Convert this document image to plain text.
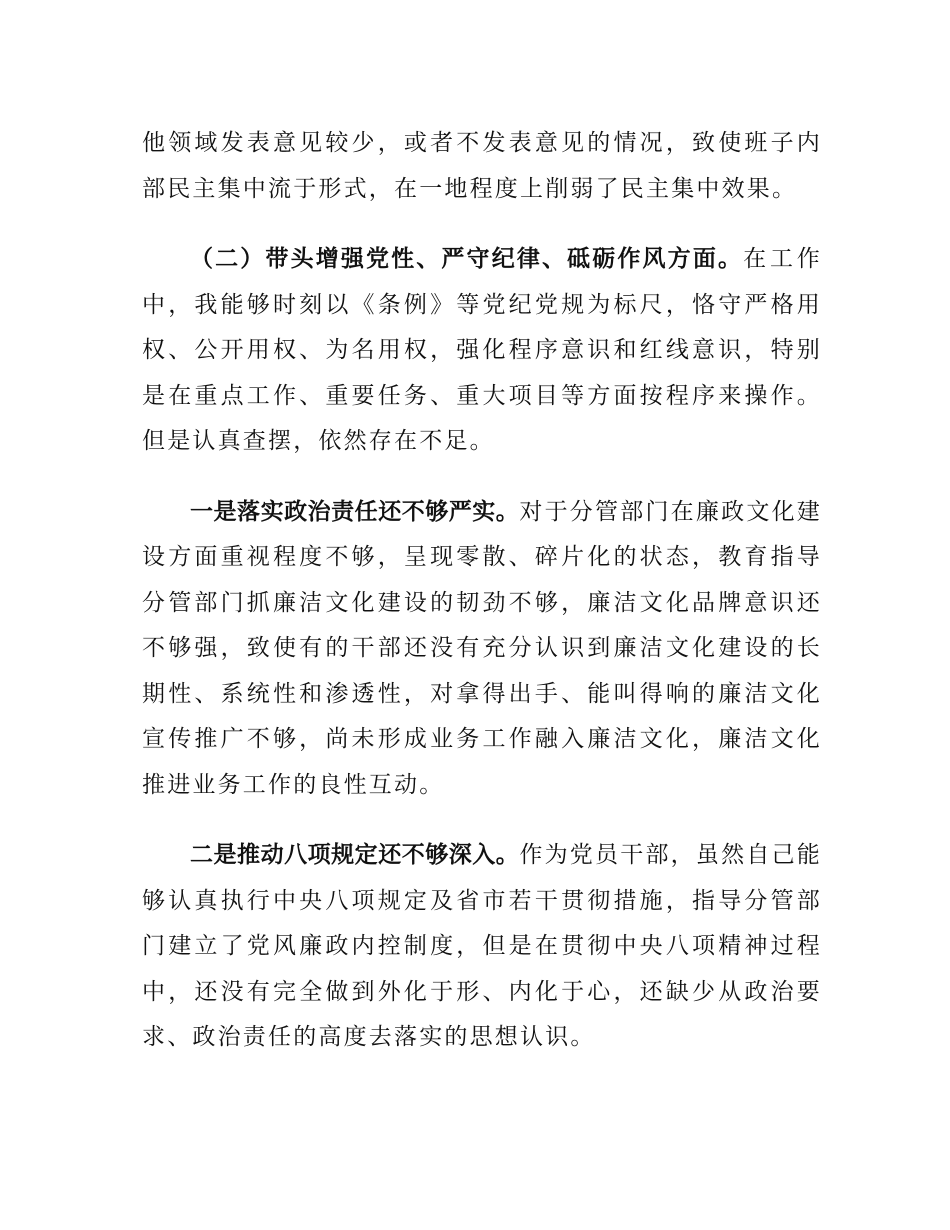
他领域发表意见较少，或者不发表意见的情况，致使班子内部民主集中流于形式，在一地程度上削弱了民主集中效果。

（二）带头增强党性、严守纪律、砥砺作风方面。在工作中，我能够时刻以《条例》等党纪党规为标尺，恪守严格用权、公开用权、为名用权，强化程序意识和红线意识，特别是在重点工作、重要任务、重大项目等方面按程序来操作。但是认真查摆，依然存在不足。

一是落实政治责任还不够严实。对于分管部门在廉政文化建设方面重视程度不够，呈现零散、碎片化的状态，教育指导分管部门抓廉洁文化建设的韧劲不够，廉洁文化品牌意识还不够强，致使有的干部还没有充分认识到廉洁文化建设的长期性、系统性和渗透性，对拿得出手、能叫得响的廉洁文化宣传推广不够，尚未形成业务工作融入廉洁文化，廉洁文化推进业务工作的良性互动。

二是推动八项规定还不够深入。作为党员干部，虽然自己能够认真执行中央八项规定及省市若干贯彻措施，指导分管部门建立了党风廉政内控制度，但是在贯彻中央八项精神过程中，还没有完全做到外化于形、内化于心，还缺少从政治要求、政治责任的高度去落实的思想认识。
